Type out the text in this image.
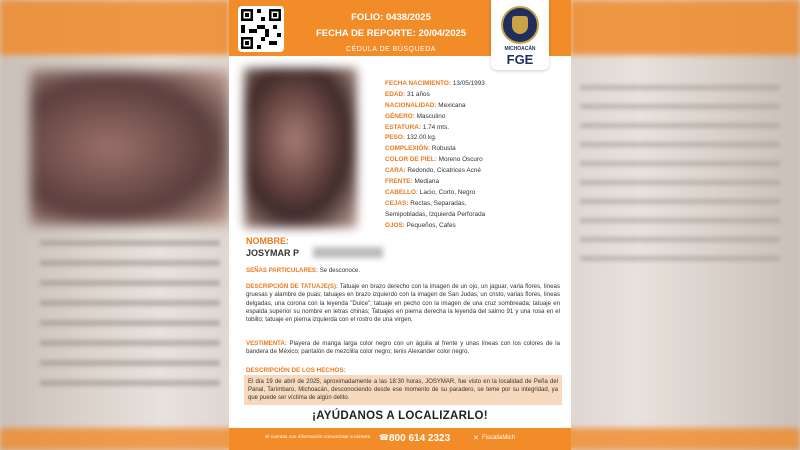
FOLIO: 0438/2025
FECHA DE REPORTE: 20/04/2025
CÉDULA DE BÚSQUEDA	MICHOACÁN
FGE
FECHA NACIMIENTO: 13/05/1993
EDAD: 31 años
NACIONALIDAD: Mexicana
GÉNERO: Masculino
ESTATURA: 1.74 mts.
PESO: 132.00 kg.
COMPLEXIÓN: Robusta
COLOR DE PIEL: Moreno Oscuro
CARA: Redondo, Cicatrices Acné
FRENTE: Mediana
CABELLO: Lacio, Corto, Negro
CEJAS: Rectas, Separadas,
Semipobladas, Izquierda Perforada
OJOS: Pequeños, Cafes
NOMBRE:
JOSYMAR P
SEÑAS PARTICULARES: Se desconoce.
DESCRIPCIÓN DE TATUAJE(S): Tatuaje en brazo derecho con la imagen de un ojo, un jaguar, varia flores, líneas gruesas y alambre de puas; tatuajes en brazo izquierdo con la imagen de San Judas, un cristo, varias flores, líneas delgadas, una corona con la leyenda "Dulce"; tatuaje en pecho con la imagen de una cruz sombreada; tatuaje en espalda superior su nombre en letras chinas; Tatuajes en pierna derecha la leyenda del salmo 91 y una rosa en el tobillo; tatuaje en pierna izquierda con el rostro de una virgen.
VESTIMENTA: Playera de manga larga color negro con un águila al frente y unas líneas con los colores de la bandera de México; pantalón de mezclilla color negro; tenis Alexander color negro.
DESCRIPCIÓN DE LOS HECHOS:
El día 19 de abril de 2025, aproximadamente a las 18:30 horas, JOSYMAR, fue visto en la localidad de Peña del Panal, Tarímbaro, Michoacán, desconociendo desde ese momento de su paradero, se teme por su integridad, ya que puede ser víctima de algún delito.
¡AYÚDANOS A LOCALIZARLO!
Si cuentas con información comunícate a número ☎ 800 614 2323	✕ FiscaliaMich
